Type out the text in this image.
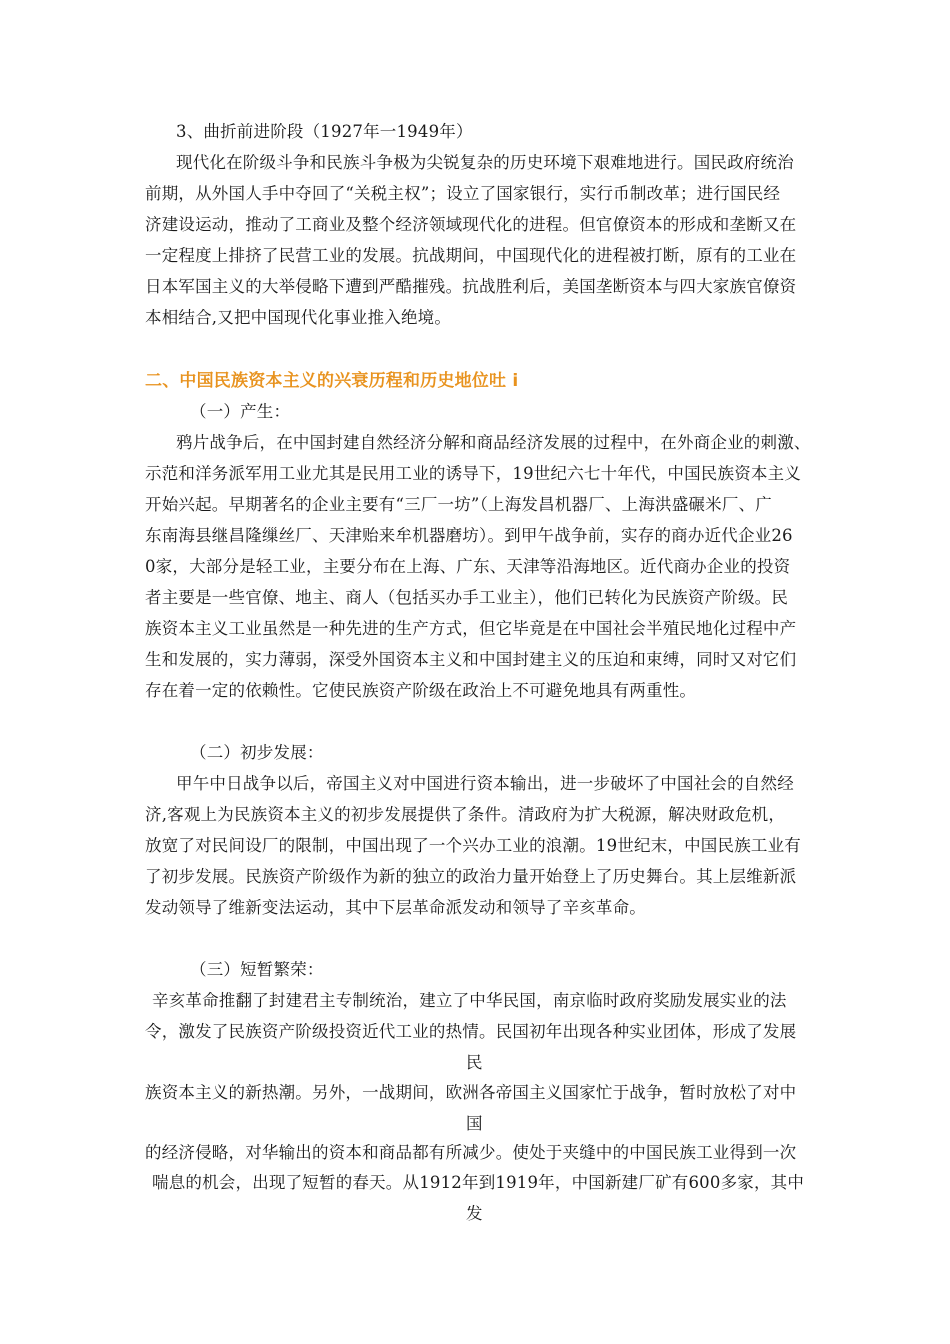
3、曲折前进阶段（1927年一1949年）
现代化在阶级斗争和民族斗争极为尖锐复杂的历史环境下艰难地进行。国民政府统治
前期，从外国人手中夺回了“关税主权”；设立了国家银行，实行币制改革；进行国民经
济建设运动，推动了工商业及整个经济领域现代化的进程。但官僚资本的形成和垄断又在
一定程度上排挤了民营工业的发展。抗战期间，中国现代化的进程被打断，原有的工业在
日本军国主义的大举侵略下遭到严酷摧残。抗战胜利后，美国垄断资本与四大家族官僚资
本相结合,又把中国现代化事业推入绝境。
二、中国民族资本主义的兴衰历程和历史地位吐 i
（一）产生：
鸦片战争后，在中国封建自然经济分解和商品经济发展的过程中，在外商企业的刺激、
示范和洋务派军用工业尤其是民用工业的诱导下，19世纪六七十年代，中国民族资本主义
开始兴起。早期著名的企业主要有“三厂一坊”（上海发昌机器厂、上海洪盛碾米厂、广
东南海县继昌隆缫丝厂、天津贻来牟机器磨坊）。到甲午战争前，实存的商办近代企业26
0家，大部分是轻工业，主要分布在上海、广东、天津等沿海地区。近代商办企业的投资
者主要是一些官僚、地主、商人（包括买办手工业主），他们已转化为民族资产阶级。民
族资本主义工业虽然是一种先进的生产方式，但它毕竟是在中国社会半殖民地化过程中产
生和发展的，实力薄弱，深受外国资本主义和中国封建主义的压迫和束缚，同时又对它们
存在着一定的依赖性。它使民族资产阶级在政治上不可避免地具有两重性。
（二）初步发展：
甲午中日战争以后，帝国主义对中国进行资本输出，进一步破坏了中国社会的自然经
济,客观上为民族资本主义的初步发展提供了条件。清政府为扩大税源，解决财政危机，
放宽了对民间设厂的限制，中国出现了一个兴办工业的浪潮。19世纪末，中国民族工业有
了初步发展。民族资产阶级作为新的独立的政治力量开始登上了历史舞台。其上层维新派
发动领导了维新变法运动，其中下层革命派发动和领导了辛亥革命。
（三）短暂繁荣：
辛亥革命推翻了封建君主专制统治，建立了中华民国，南京临时政府奖励发展实业的法
令，激发了民族资产阶级投资近代工业的热情。民国初年出现各种实业团体，形成了发展
民
族资本主义的新热潮。另外，一战期间，欧洲各帝国主义国家忙于战争，暂时放松了对中
国
的经济侵略，对华输出的资本和商品都有所减少。使处于夹缝中的中国民族工业得到一次
喘息的机会，出现了短暂的春天。从1912年到1919年，中国新建厂矿有600多家，其中
发
